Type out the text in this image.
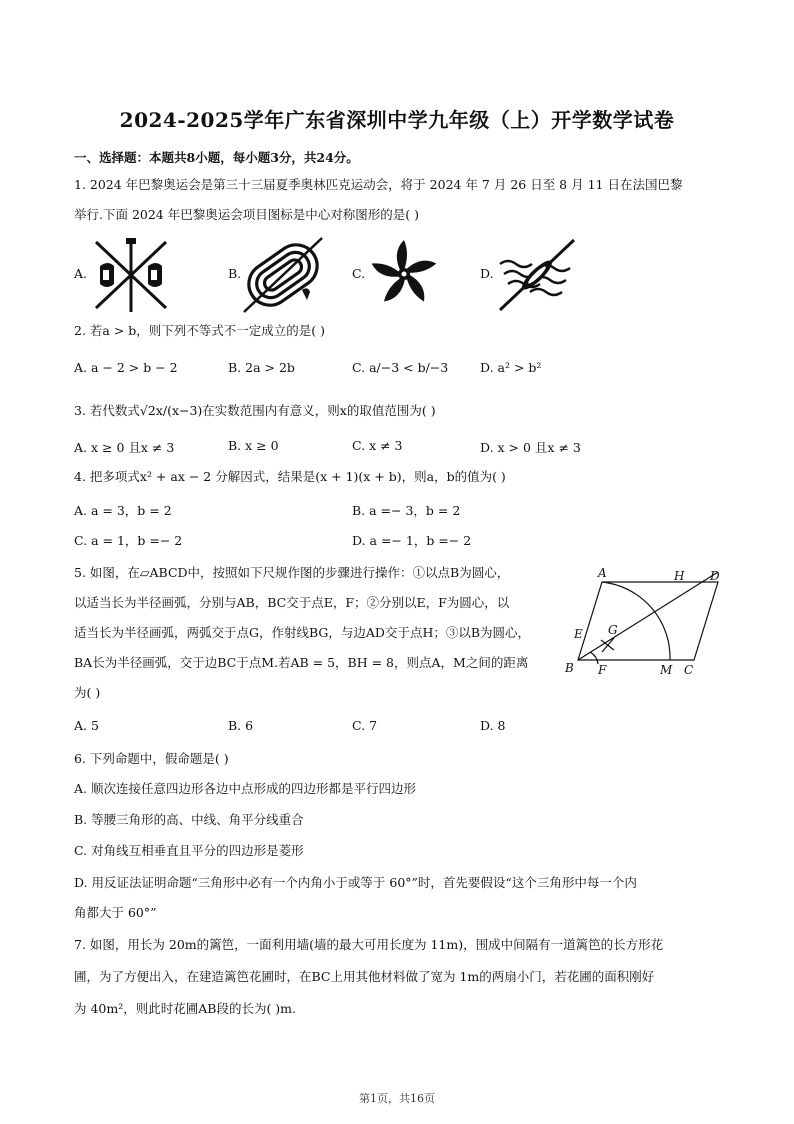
2024-2025学年广东省深圳中学九年级（上）开学数学试卷
一、选择题：本题共8小题，每小题3分，共24分。
1. 2024 年巴黎奥运会是第三十三届夏季奥林匹克运动会，将于 2024 年 7 月 26 日至 8 月 11 日在法国巴黎
举行.下面 2024 年巴黎奥运会项目图标是中心对称图形的是( )
A.	B.	C.	D.
2. 若a > b，则下列不等式不一定成立的是( )
A. a − 2 > b − 2	B. 2a > 2b	C. a/−3 < b/−3	D. a² > b²
3. 若代数式√2x/(x−3)在实数范围内有意义，则x的取值范围为( )
A. x ≥ 0 且x ≠ 3	B. x ≥ 0	C. x ≠ 3	D. x > 0 且x ≠ 3
4. 把多项式x² + ax − 2 分解因式，结果是(x + 1)(x + b)，则a，b的值为( )
A. a = 3，b = 2	B. a =− 3，b = 2
C. a = 1，b =− 2	D. a =− 1，b =− 2
5. 如图，在▱ABCD中，按照如下尺规作图的步骤进行操作：①以点B为圆心，
以适当长为半径画弧，分别与AB，BC交于点E，F；②分别以E，F为圆心，以
适当长为半径画弧，两弧交于点G，作射线BG，与边AD交于点H；③以B为圆心，
BA长为半径画弧，交于边BC于点M.若AB = 5，BH = 8，则点A，M之间的距离
为( )
A	H D
E G
B F	M C
A. 5	B. 6	C. 7	D. 8
6. 下列命题中，假命题是( )
A. 顺次连接任意四边形各边中点形成的四边形都是平行四边形
B. 等腰三角形的高、中线、角平分线重合
C. 对角线互相垂直且平分的四边形是菱形
D. 用反证法证明命题“三角形中必有一个内角小于或等于 60°”时，首先要假设“这个三角形中每一个内
角都大于 60°”
7. 如图，用长为 20m的篱笆，一面利用墙(墙的最大可用长度为 11m)，围成中间隔有一道篱笆的长方形花
圃，为了方便出入，在建造篱笆花圃时，在BC上用其他材料做了宽为 1m的两扇小门，若花圃的面积刚好
为 40m²，则此时花圃AB段的长为( )m.
第1页，共16页
